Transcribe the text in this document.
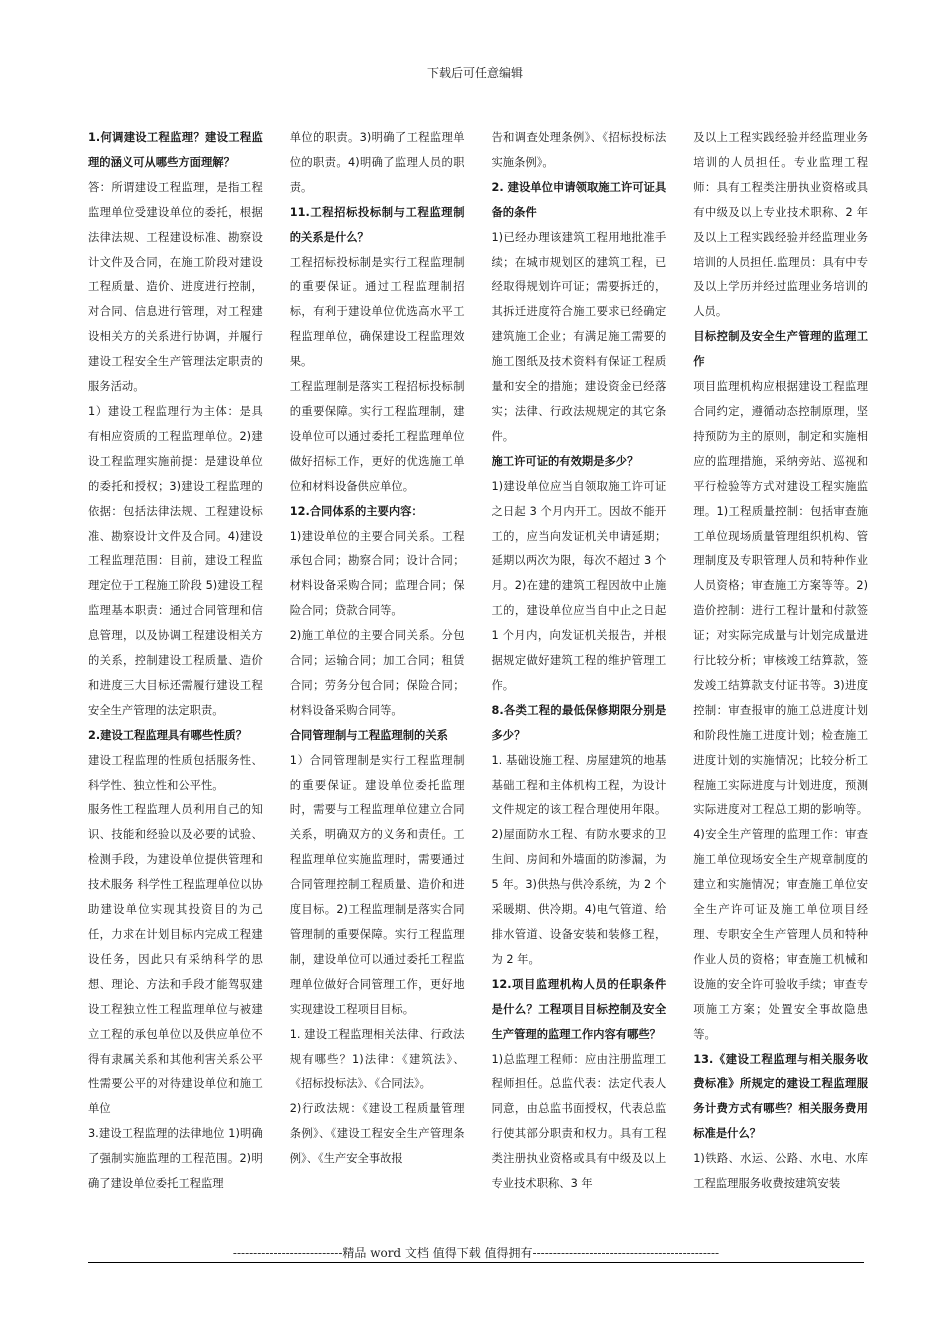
下载后可任意编辑

1.何调建设工程监理？建设工程监理的涵义可从哪些方面理解？

答：所谓建设工程监理，是指工程监理单位受建设单位的委托，根据法律法规、工程建设标准、勘察设计文件及合同，在施工阶段对建设工程质量、造价、进度进行控制，对合同、信息进行管理，对工程建设相关方的关系进行协调，并履行建设工程安全生产管理法定职责的服务活动。

1）建设工程监理行为主体：是具有相应资质的工程监理单位。2)建设工程监理实施前提：是建设单位的委托和授权；3)建设工程监理的依据：包括法律法规、工程建设标准、勘察设计文件及合同。4)建设工程监理范围：目前，建设工程监理定位于工程施工阶段 5)建设工程监理基本职责：通过合同管理和信息管理，以及协调工程建设相关方的关系，控制建设工程质量、造价和进度三大目标还需履行建设工程安全生产管理的法定职责。

2.建设工程监理具有哪些性质？

建设工程监理的性质包括服务性、科学性、独立性和公平性。

服务性工程监理人员利用自己的知识、技能和经验以及必要的试验、检测手段，为建设单位提供管理和技术服务 科学性工程监理单位以协助建设单位实现其投资目的为己任，力求在计划目标内完成工程建设任务，因此只有采纳科学的思想、理论、方法和手段才能驾驭建设工程独立性工程监理单位与被建立工程的承包单位以及供应单位不得有隶属关系和其他利害关系公平性需要公平的对待建设单位和施工单位

3.建设工程监理的法律地位 1)明确了强制实施监理的工程范围。2)明确了建设单位委托工程监理

单位的职责。3)明确了工程监理单位的职责。4)明确了监理人员的职责。

11.工程招标投标制与工程监理制的关系是什么？

工程招标投标制是实行工程监理制的重要保证。通过工程监理制招标，有利于建设单位优选高水平工程监理单位，确保建设工程监理效果。

工程监理制是落实工程招标投标制的重要保障。实行工程监理制，建设单位可以通过委托工程监理单位做好招标工作，更好的优选施工单位和材料设备供应单位。

12.合同体系的主要内容：

1)建设单位的主要合同关系。工程承包合同；勘察合同；设计合同；材料设备采购合同；监理合同；保险合同；贷款合同等。

2)施工单位的主要合同关系。分包合同；运输合同；加工合同；租赁合同；劳务分包合同；保险合同；材料设备采购合同等。

合同管理制与工程监理制的关系

1）合同管理制是实行工程监理制的重要保证。建设单位委托监理时，需要与工程监理单位建立合同关系，明确双方的义务和责任。工程监理单位实施监理时，需要通过合同管理控制工程质量、造价和进度目标。2)工程监理制是落实合同管理制的重要保障。实行工程监理制，建设单位可以通过委托工程监理单位做好合同管理工作，更好地实现建设工程项目目标。

1. 建设工程监理相关法律、行政法规有哪些？1)法律：《建筑法》、《招标投标法》、《合同法》。

2)行政法规：《建设工程质量管理条例》、《建设工程安全生产管理条例》、《生产安全事故报

告和调查处理条例》、《招标投标法实施条例》。

2. 建设单位申请领取施工许可证具备的条件

1)已经办理该建筑工程用地批准手续；在城市规划区的建筑工程，已经取得规划许可证；需要拆迁的，其拆迁进度符合施工要求已经确定建筑施工企业；有满足施工需要的施工图纸及技术资料有保证工程质量和安全的措施；建设资金已经落实；法律、行政法规规定的其它条件。

施工许可证的有效期是多少？

1)建设单位应当自领取施工许可证之日起 3 个月内开工。因故不能开工的，应当向发证机关申请延期；延期以两次为限，每次不超过 3 个月。2)在建的建筑工程因故中止施工的，建设单位应当自中止之日起 1 个月内，向发证机关报告，并根据规定做好建筑工程的维护管理工作。

8.各类工程的最低保修期限分别是多少？

1. 基础设施工程、房屋建筑的地基基础工程和主体机构工程，为设计文件规定的该工程合理使用年限。2)屋面防水工程、有防水要求的卫生间、房间和外墙面的防渗漏，为 5 年。3)供热与供冷系统，为 2 个采暖期、供冷期。4)电气管道、给排水管道、设备安装和装修工程，为 2 年。

12.项目监理机构人员的任职条件是什么？工程项目目标控制及安全生产管理的监理工作内容有哪些？

1)总监理工程师：应由注册监理工程师担任。总监代表：法定代表人同意，由总监书面授权，代表总监行使其部分职责和权力。具有工程类注册执业资格或具有中级及以上专业技术职称、3 年

及以上工程实践经验并经监理业务培训的人员担任。专业监理工程师：具有工程类注册执业资格或具有中级及以上专业技术职称、2 年及以上工程实践经验并经监理业务培训的人员担任.监理员：具有中专及以上学历并经过监理业务培训的人员。

目标控制及安全生产管理的监理工作

项目监理机构应根据建设工程监理合同约定，遵循动态控制原理，坚持预防为主的原则，制定和实施相应的监理措施，采纳旁站、巡视和平行检验等方式对建设工程实施监理。1)工程质量控制：包括审查施工单位现场质量管理组织机构、管理制度及专职管理人员和特种作业人员资格；审查施工方案等等。2)造价控制：进行工程计量和付款签证；对实际完成量与计划完成量进行比较分析；审核竣工结算款，签发竣工结算款支付证书等。3)进度控制：审查报审的施工总进度计划和阶段性施工进度计划；检查施工进度计划的实施情况；比较分析工程施工实际进度与计划进度，预测实际进度对工程总工期的影响等。4)安全生产管理的监理工作：审查施工单位现场安全生产规章制度的建立和实施情况；审查施工单位安全生产许可证及施工单位项目经理、专职安全生产管理人员和特种作业人员的资格；审查施工机械和设施的安全许可验收手续；审查专项施工方案；处置安全事故隐患等。

13.《建设工程监理与相关服务收费标准》所规定的建设工程监理服务计费方式有哪些？相关服务费用标准是什么？

1)铁路、水运、公路、水电、水库工程监理服务收费按建筑安装

---------------------------精品 word 文档 值得下载 值得拥有----------------------------------------------
